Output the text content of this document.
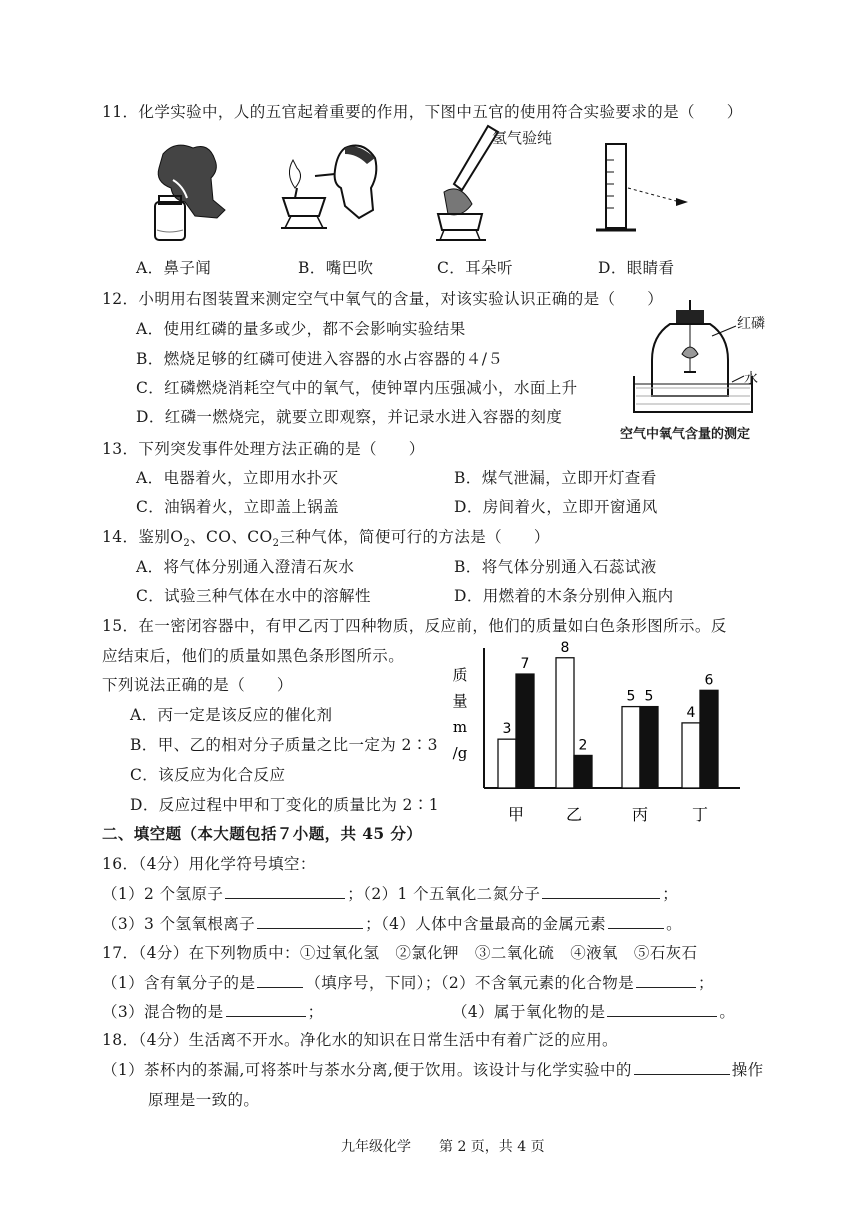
11．化学实验中，人的五官起着重要的作用，下图中五官的使用符合实验要求的是（　　）
氢气验纯
A．鼻子闻	B．嘴巴吹	C．耳朵听	D．眼睛看
12．小明用右图装置来测定空气中氧气的含量，对该实验认识正确的是（　　）
A．使用红磷的量多或少，都不会影响实验结果
B．燃烧足够的红磷可使进入容器的水占容器的４/５
C．红磷燃烧消耗空气中的氧气，使钟罩内压强减小，水面上升
D．红磷一燃烧完，就要立即观察，并记录水进入容器的刻度
红磷
水
空气中氧气含量的测定
13．下列突发事件处理方法正确的是（　　）
A．电器着火，立即用水扑灭	B．煤气泄漏，立即开灯查看
C．油锅着火，立即盖上锅盖	D．房间着火，立即开窗通风
14．鉴别$O_2$、CO、$CO_2$三种气体，简便可行的方法是（　　）
A．将气体分别通入澄清石灰水	B．将气体分别通入石蕊试液
C．试验三种气体在水中的溶解性	D．用燃着的木条分别伸入瓶内
15．在一密闭容器中，有甲乙丙丁四种物质，反应前，他们的质量如白色条形图所示。反
应结束后，他们的质量如黑色条形图所示。
下列说法正确的是（　　）
A．丙一定是该反应的催化剂
B．甲、乙的相对分子质量之比一定为 2∶3
C．该反应为化合反应
D．反应过程中甲和丁变化的质量比为 2∶1
质
量
m
/g
3
7
甲
8
2
乙
5 5
丙
4
6
丁
二、填空题（本大题包括７小题，共 45 分）
16．（4分）用化学符号填空：
（1）2 个氢原子	；（2）1 个五氧化二氮分子	；
（3）3 个氢氧根离子	；（4）人体中含量最高的金属元素	。
17．（4分）在下列物质中：①过氧化氢　②氯化钾　③二氧化硫　④液氧　⑤石灰石
（1）含有氧分子的是	（填序号，下同）；（2）不含氧元素的化合物是	；
（3）混合物的是	；	（4）属于氧化物的是	。
18．（4分）生活离不开水。净化水的知识在日常生活中有着广泛的应用。
（1）茶杯内的茶漏,可将茶叶与茶水分离,便于饮用。该设计与化学实验中的	操作
原理是一致的。
九年级化学　　第 2 页，共 4 页
